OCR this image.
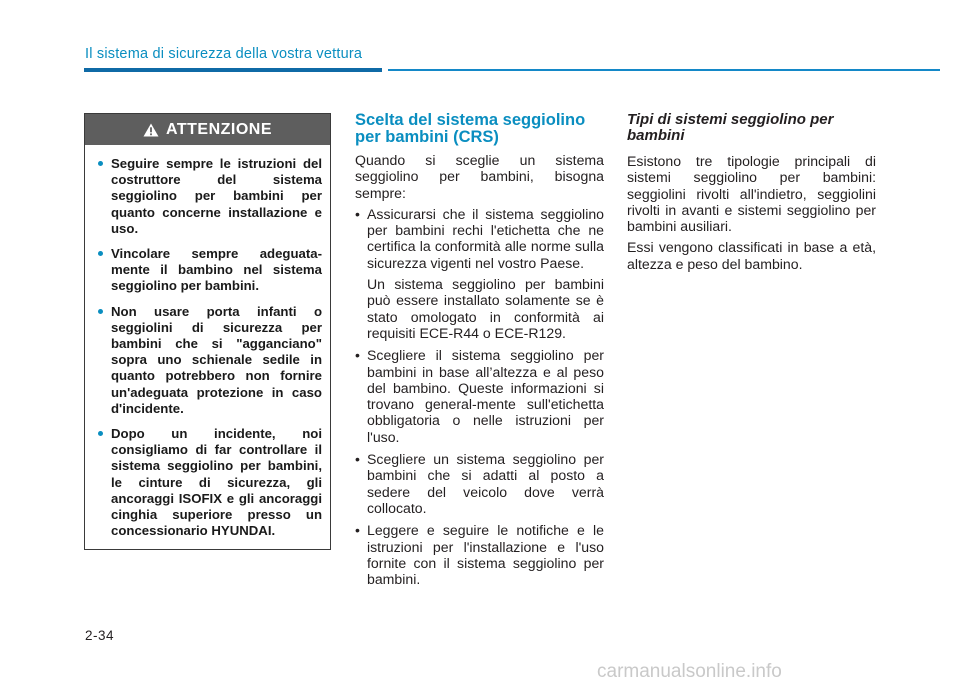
Il sistema di sicurezza della vostra vettura
ATTENZIONE
Seguire sempre le istruzioni del costruttore del sistema seggiolino per bambini per quanto concerne installazione e uso.
Vincolare sempre adeguata-mente il bambino nel sistema seggiolino per bambini.
Non usare porta infanti o seggiolini di sicurezza per bambini che si "agganciano" sopra uno schienale sedile in quanto potrebbero non fornire un'adeguata protezione in caso d'incidente.
Dopo un incidente, noi consigliamo di far controllare il sistema seggiolino per bambini, le cinture di sicurezza, gli ancoraggi ISOFIX e gli ancoraggi cinghia superiore presso un concessionario HYUNDAI.
Scelta del sistema seggiolino
per bambini (CRS)

Quando si sceglie un sistema seggiolino per bambini, bisogna sempre:

• Assicurarsi che il sistema seggiolino per bambini rechi l'etichetta che ne certifica la conformità alle norme sulla sicurezza vigenti nel vostro Paese.
Un sistema seggiolino per bambini può essere installato solamente se è stato omologato in conformità ai requisiti ECE-R44 o ECE-R129.
• Scegliere il sistema seggiolino per bambini in base all’altezza e al peso del bambino. Queste informazioni si trovano general-mente sull'etichetta obbligatoria o nelle istruzioni per l'uso.
• Scegliere un sistema seggiolino per bambini che si adatti al posto a sedere del veicolo dove verrà collocato.
• Leggere e seguire le notifiche e le istruzioni per l'installazione e l'uso fornite con il sistema seggiolino per bambini.
Tipi di sistemi seggiolino per
bambini

Esistono tre tipologie principali di sistemi seggiolino per bambini: seggiolini rivolti all'indietro, seggiolini rivolti in avanti e sistemi seggiolino per bambini ausiliari.

Essi vengono classificati in base a età, altezza e peso del bambino.

2-34
carmanualsonline.info
